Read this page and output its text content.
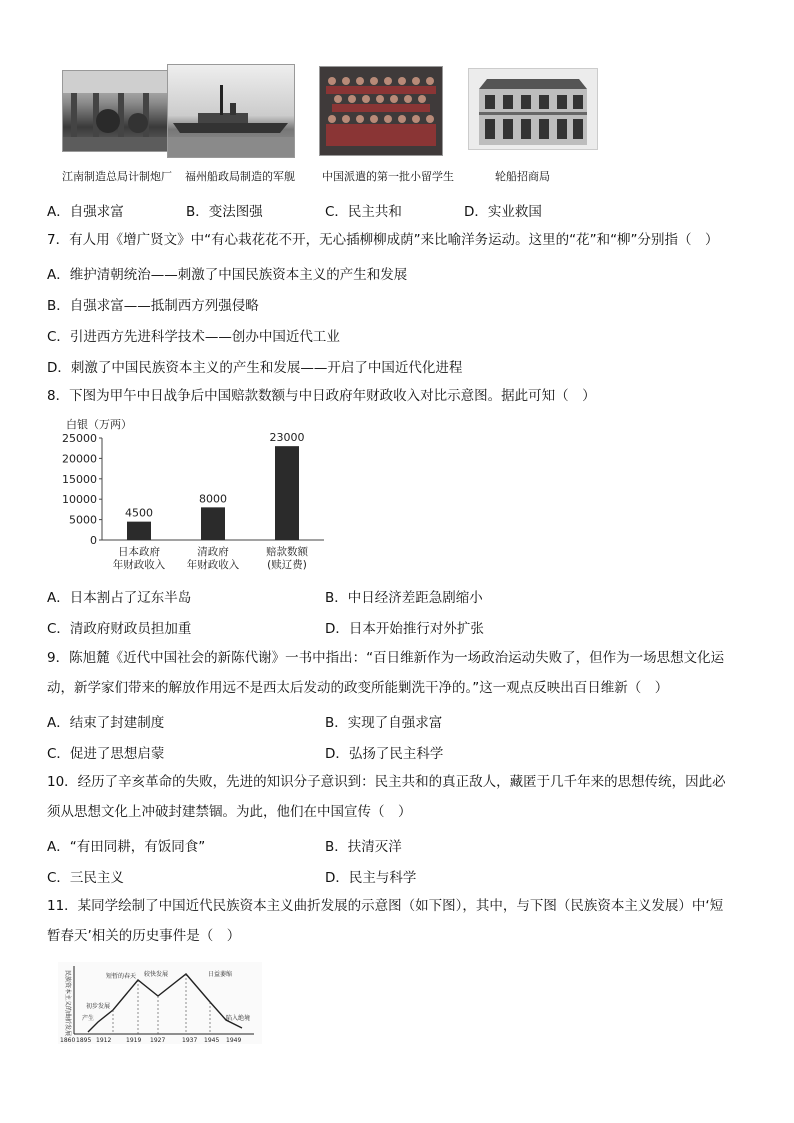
江南制造总局计制炮厂 福州船政局制造的军舰 中国派遣的第一批小留学生	轮船招商局
A．自强求富	B．变法图强	C．民主共和	D．实业救国
7．有人用《增广贤文》中“有心栽花花不开，无心插柳柳成荫”来比喻洋务运动。这里的“花”和“柳”分别指（　）
A．维护清朝统治——刺激了中国民族资本主义的产生和发展
B．自强求富——抵制西方列强侵略
C．引进西方先进科学技术——创办中国近代工业
D．刺激了中国民族资本主义的产生和发展——开启了中国近代化进程
8．下图为甲午中日战争后中国赔款数额与中日政府年财政收入对比示意图。据此可知（　）
白银（万两）
0
5000
10000
15000
20000
25000
4500
8000
23000
日本政府
年财政收入
清政府
年财政收入
赔款数额
(赎辽费)
A．日本割占了辽东半岛	B．中日经济差距急剧缩小
C．清政府财政员担加重	D．日本开始推行对外扩张
9．陈旭麓《近代中国社会的新陈代谢》一书中指出：“百日维新作为一场政治运动失败了，但作为一场思想文化运
动，新学家们带来的解放作用远不是西太后发动的政变所能剿洗干净的。”这一观点反映出百日维新（　）
A．结束了封建制度	B．实现了自强求富
C．促进了思想启蒙	D．弘扬了民主科学
10．经历了辛亥革命的失败，先进的知识分子意识到：民主共和的真正敌人，藏匿于几千年来的思想传统，因此必
须从思想文化上冲破封建禁锢。为此，他们在中国宣传（　）
A．“有田同耕，有饭同食”	B．扶清灭洋
C．三民主义	D．民主与科学
11．某同学绘制了中国近代民族资本主义曲折发展的示意图（如下图），其中，与下图（民族资本主义发展）中‘短
暂春天’相关的历史事件是（　）
民族资本主义的曲折发展 产生
初步发展
短暂的春天 较快发展	日益萎缩
陷入绝境
1860 1895 1912 1919 1927	1937 1945 1949
